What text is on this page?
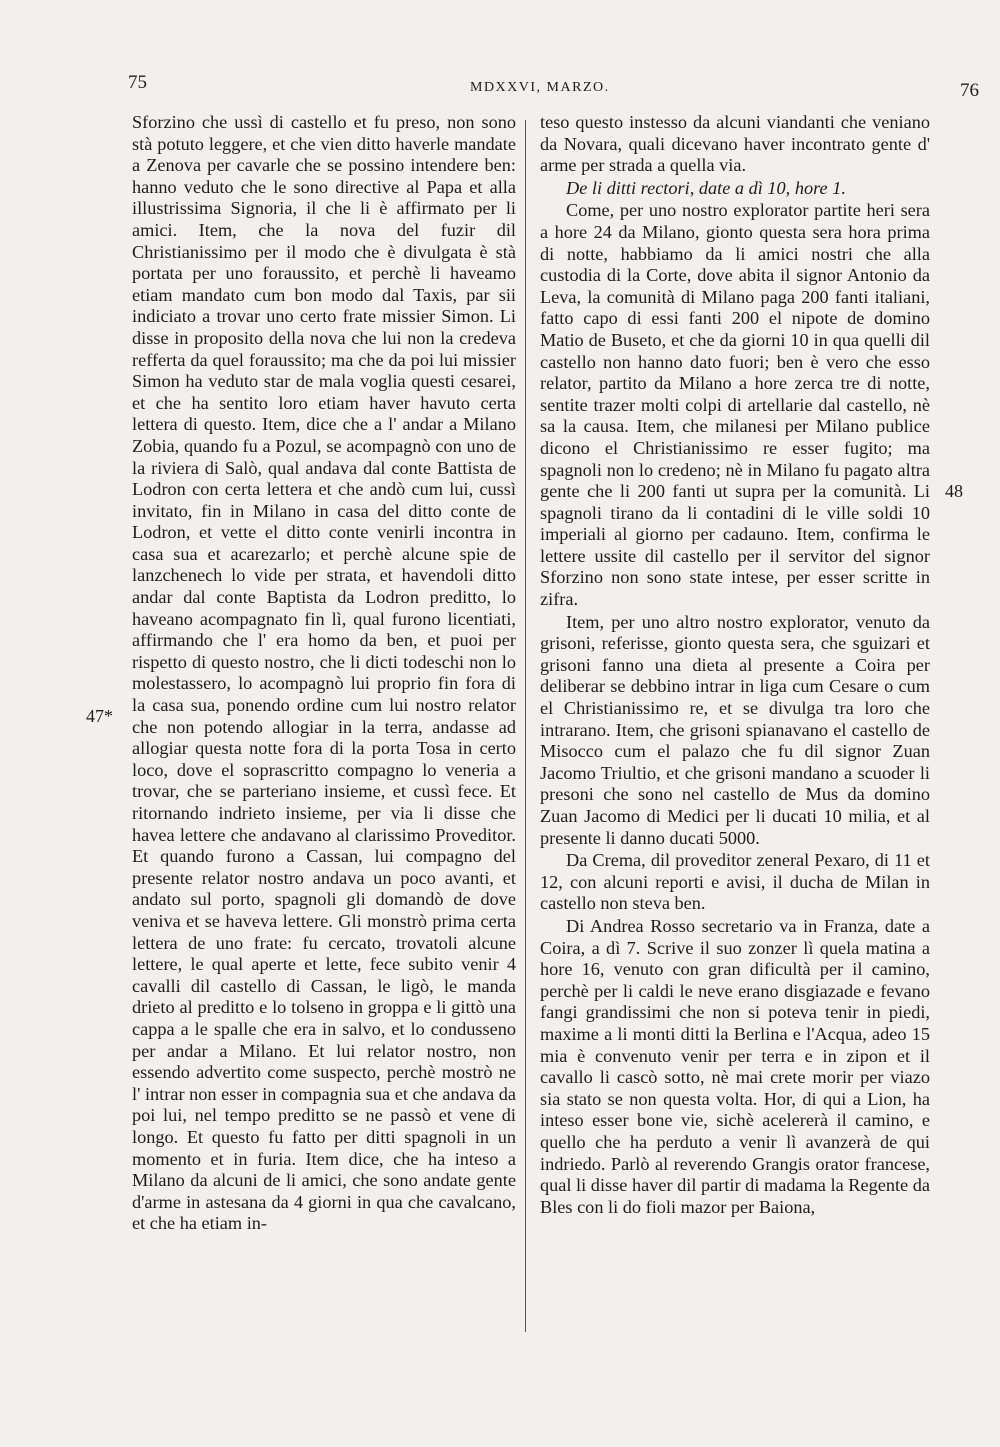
75	MDXXVI, MARZO.	76
47*
48

Sforzino che ussì di castello et fu preso, non sono stà potuto leggere, et che vien ditto haverle mandate a Zenova per cavarle che se possino intendere ben: hanno veduto che le sono directive al Papa et alla illustrissima Signoria, il che li è affirmato per li amici. Item, che la nova del fuzir dil Christianissimo per il modo che è divulgata è stà portata per uno foraussito, et perchè li haveamo etiam mandato cum bon modo dal Taxis, par sii indiciato a trovar uno certo frate missier Simon. Li disse in proposito della nova che lui non la credeva refferta da quel foraussito; ma che da poi lui missier Simon ha veduto star de mala voglia questi cesarei, et che ha sentito loro etiam haver havuto certa lettera di questo. Item, dice che a l' andar a Milano Zobia, quando fu a Pozul, se acompagnò con uno de la riviera di Salò, qual andava dal conte Battista de Lodron con certa lettera et che andò cum lui, cussì invitato, fin in Milano in casa del ditto conte de Lodron, et vette el ditto conte venirli incontra in casa sua et acarezarlo; et perchè alcune spie de lanzchenech lo vide per strata, et havendoli ditto andar dal conte Baptista da Lodron preditto, lo haveano acompagnato fin lì, qual furono licentiati, affirmando che l' era homo da ben, et puoi per rispetto di questo nostro, che li dicti todeschi non lo molestassero, lo acompagnò lui proprio fin fora di la casa sua, ponendo ordine cum lui nostro relator che non potendo allogiar in la terra, andasse ad allogiar questa notte fora di la porta Tosa in certo loco, dove el soprascritto compagno lo veneria a trovar, che se parteriano insieme, et cussì fece. Et ritornando indrieto insieme, per via li disse che havea lettere che andavano al clarissimo Proveditor. Et quando furono a Cassan, lui compagno del presente relator nostro andava un poco avanti, et andato sul porto, spagnoli gli domandò de dove veniva et se haveva lettere. Gli monstrò prima certa lettera de uno frate: fu cercato, trovatoli alcune lettere, le qual aperte et lette, fece subito venir 4 cavalli dil castello di Cassan, le ligò, le manda drieto al preditto e lo tolseno in groppa e li gittò una cappa a le spalle che era in salvo, et lo condusseno per andar a Milano. Et lui relator nostro, non essendo advertito come suspecto, perchè mostrò ne l' intrar non esser in compagnia sua et che andava da poi lui, nel tempo preditto se ne passò et vene di longo. Et questo fu fatto per ditti spagnoli in un momento et in furia. Item dice, che ha inteso a Milano da alcuni de li amici, che sono andate gente d'arme in astesana da 4 giorni in qua che cavalcano, et che ha etiam in-

teso questo instesso da alcuni viandanti che veniano da Novara, quali dicevano haver incontrato gente d' arme per strada a quella via.

De li ditti rectori, date a dì 10, hore 1.

Come, per uno nostro explorator partite heri sera a hore 24 da Milano, gionto questa sera hora prima di notte, habbiamo da li amici nostri che alla custodia di la Corte, dove abita il signor Antonio da Leva, la comunità di Milano paga 200 fanti italiani, fatto capo di essi fanti 200 el nipote de domino Matio de Buseto, et che da giorni 10 in qua quelli dil castello non hanno dato fuori; ben è vero che esso relator, partito da Milano a hore zerca tre di notte, sentite trazer molti colpi di artellarie dal castello, nè sa la causa. Item, che milanesi per Milano publice dicono el Christianissimo re esser fugito; ma spagnoli non lo credeno; nè in Milano fu pagato altra gente che li 200 fanti ut supra per la comunità. Li spagnoli tirano da li contadini di le ville soldi 10 imperiali al giorno per cadauno. Item, confirma le lettere ussite dil castello per il servitor del signor Sforzino non sono state intese, per esser scritte in zifra.

Item, per uno altro nostro explorator, venuto da grisoni, referisse, gionto questa sera, che sguizari et grisoni fanno una dieta al presente a Coira per deliberar se debbino intrar in liga cum Cesare o cum el Christianissimo re, et se divulga tra loro che intrarano. Item, che grisoni spianavano el castello de Misocco cum el palazo che fu dil signor Zuan Jacomo Triultio, et che grisoni mandano a scuoder li presoni che sono nel castello de Mus da domino Zuan Jacomo di Medici per li ducati 10 milia, et al presente li danno ducati 5000.

Da Crema, dil proveditor zeneral Pexaro, di 11 et 12, con alcuni reporti e avisi, il ducha de Milan in castello non steva ben.

Di Andrea Rosso secretario va in Franza, date a Coira, a dì 7. Scrive il suo zonzer lì quela matina a hore 16, venuto con gran dificultà per il camino, perchè per li caldi le neve erano disgiazade e fevano fangi grandissimi che non si poteva tenir in piedi, maxime a li monti ditti la Berlina e l'Acqua, adeo 15 mia è convenuto venir per terra e in zipon et il cavallo li cascò sotto, nè mai crete morir per viazo sia stato se non questa volta. Hor, di qui a Lion, ha inteso esser bone vie, sichè acelererà il camino, e quello che ha perduto a venir lì avanzerà de qui indriedo. Parlò al reverendo Grangis orator francese, qual li disse haver dil partir di madama la Regente da Bles con li do fioli mazor per Baiona,
